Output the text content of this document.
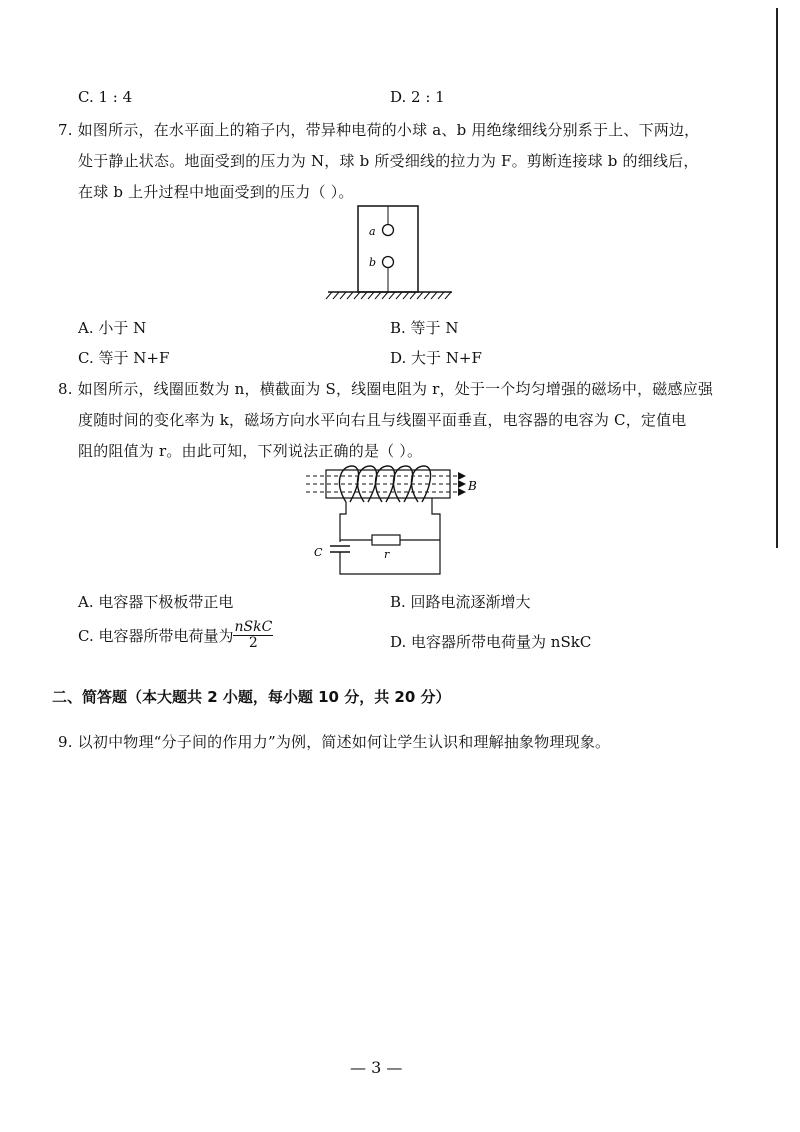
C. 1 : 4	D. 2 : 1
7. 如图所示，在水平面上的箱子内，带异种电荷的小球 a、b 用绝缘细线分别系于上、下两边，
处于静止状态。地面受到的压力为 N，球 b 所受细线的拉力为 F。剪断连接球 b 的细线后，
在球 b 上升过程中地面受到的压力（ ）。
a
b
A. 小于 N	B. 等于 N
C. 等于 N+F	D. 大于 N+F
8. 如图所示，线圈匝数为 n，横截面为 S，线圈电阻为 r，处于一个均匀增强的磁场中，磁感应强
度随时间的变化率为 k，磁场方向水平向右且与线圈平面垂直，电容器的电容为 C，定值电
阻的阻值为 r。由此可知，下列说法正确的是（ ）。
B
r
C
A. 电容器下极板带正电	B. 回路电流逐渐增大
C. 电容器所带电荷量为 $\frac{\text{nSkC}}{2}$	D. 电容器所带电荷量为 nSkC
二、简答题（本大题共 2 小题，每小题 10 分，共 20 分）
9. 以初中物理“分子间的作用力”为例，简述如何让学生认识和理解抽象物理现象。
— 3 —
